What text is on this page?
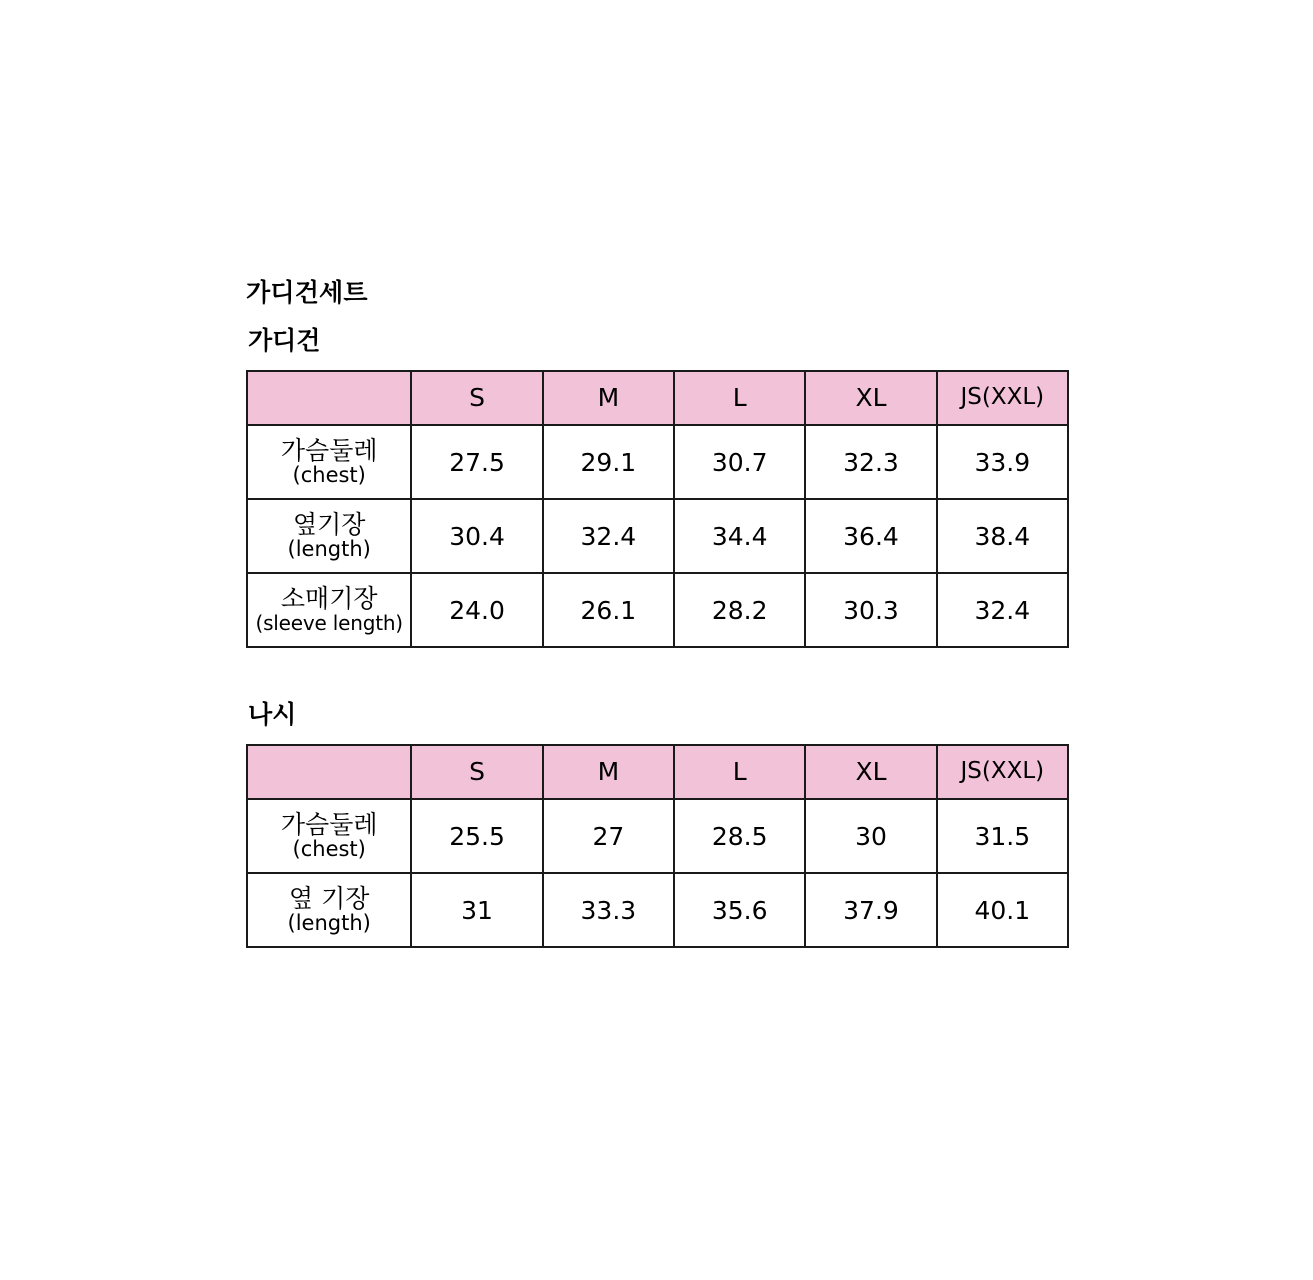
가디건세트
가디건
	S	M	L	XL	JS(XXL)

가슴둘레
(chest)	27.5	29.1	30.7	32.3	33.9

옆기장
(length)	30.4	32.4	34.4	36.4	38.4

소매기장
(sleeve length)	24.0	26.1	28.2	30.3	32.4
나시
	S	M	L	XL	JS(XXL)

가슴둘레
(chest)	25.5	27	28.5	30	31.5

옆 기장
(length)	31	33.3	35.6	37.9	40.1
